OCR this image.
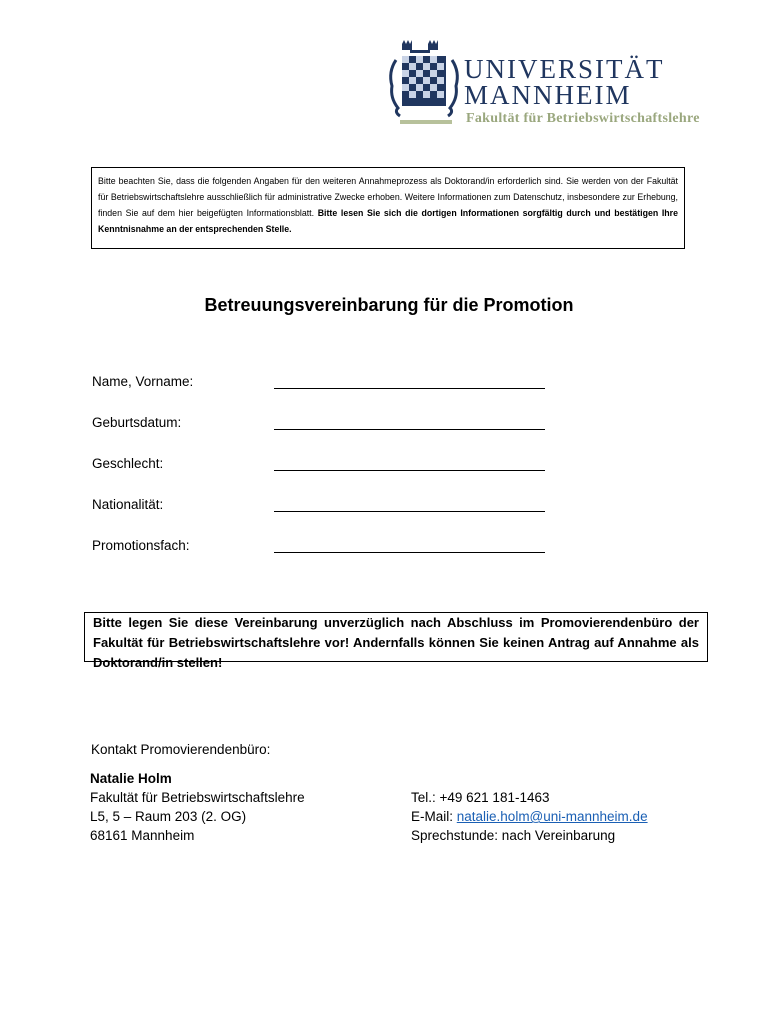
UNIVERSITÄT
MANNHEIM
Fakultät für Betriebswirtschaftslehre
Bitte beachten Sie, dass die folgenden Angaben für den weiteren Annahmeprozess als Doktorand/in erforderlich sind. Sie werden von der Fakultät für Betriebswirtschaftslehre ausschließlich für administrative Zwecke erhoben. Weitere Informationen zum Datenschutz, insbesondere zur Erhebung, finden Sie auf dem hier beigefügten Informationsblatt. Bitte lesen Sie sich die dortigen Informationen sorgfältig durch und bestätigen Ihre Kenntnisnahme an der entsprechenden Stelle.
Betreuungsvereinbarung für die Promotion
Name, Vorname:
Geburtsdatum:
Geschlecht:
Nationalität:
Promotionsfach:
Bitte legen Sie diese Vereinbarung unverzüglich nach Abschluss im Promovierendenbüro der Fakultät für Betriebswirtschaftslehre vor! Andernfalls können Sie keinen Antrag auf Annahme als Doktorand/in stellen!
Kontakt Promovierendenbüro:
Natalie Holm
Fakultät für Betriebswirtschaftslehre
L5, 5 – Raum 203 (2. OG)
68161 Mannheim
Tel.: +49 621 181-1463
E-Mail: natalie.holm@uni-mannheim.de
Sprechstunde: nach Vereinbarung
